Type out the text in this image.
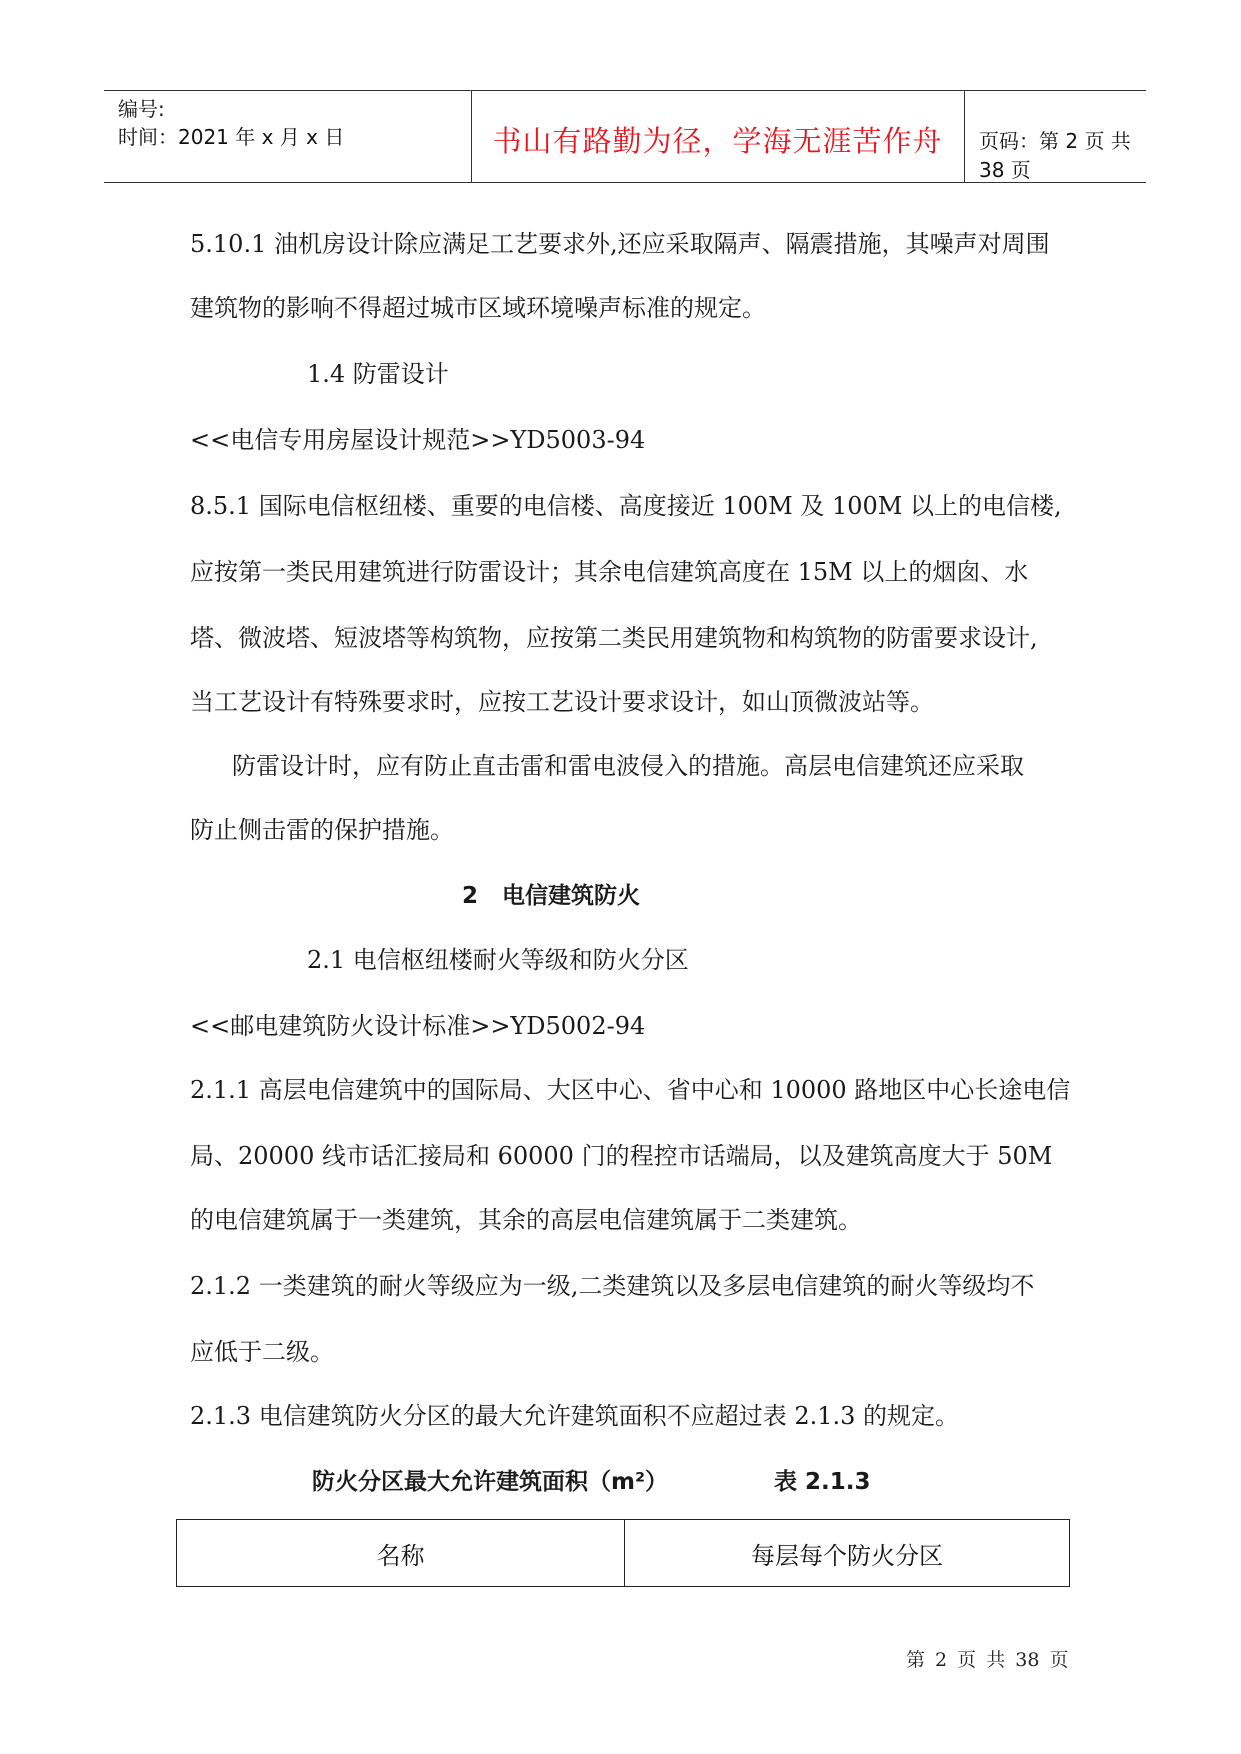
编号:
时间：2021 年 x 月 x 日	书山有路勤为径，学海无涯苦作舟	页码：第 2 页 共 38 页
5.10.1 油机房设计除应满足工艺要求外,还应采取隔声、隔震措施，其噪声对周围
建筑物的影响不得超过城市区域环境噪声标准的规定。
1.4 防雷设计
<<电信专用房屋设计规范>>YD5003-94
8.5.1 国际电信枢纽楼、重要的电信楼、高度接近 100M 及 100M 以上的电信楼,
应按第一类民用建筑进行防雷设计；其余电信建筑高度在 15M 以上的烟囱、水
塔、微波塔、短波塔等构筑物，应按第二类民用建筑物和构筑物的防雷要求设计,
当工艺设计有特殊要求时，应按工艺设计要求设计，如山顶微波站等。
防雷设计时，应有防止直击雷和雷电波侵入的措施。高层电信建筑还应采取
防止侧击雷的保护措施。
2   电信建筑防火
2.1 电信枢纽楼耐火等级和防火分区
<<邮电建筑防火设计标准>>YD5002-94
2.1.1 高层电信建筑中的国际局、大区中心、省中心和 10000 路地区中心长途电信
局、20000 线市话汇接局和 60000 门的程控市话端局，以及建筑高度大于 50M
的电信建筑属于一类建筑，其余的高层电信建筑属于二类建筑。
2.1.2 一类建筑的耐火等级应为一级,二类建筑以及多层电信建筑的耐火等级均不
应低于二级。
2.1.3 电信建筑防火分区的最大允许建筑面积不应超过表 2.1.3 的规定。
防火分区最大允许建筑面积（m²）	表 2.1.3
名称	每层每个防火分区
第 2 页 共 38 页
